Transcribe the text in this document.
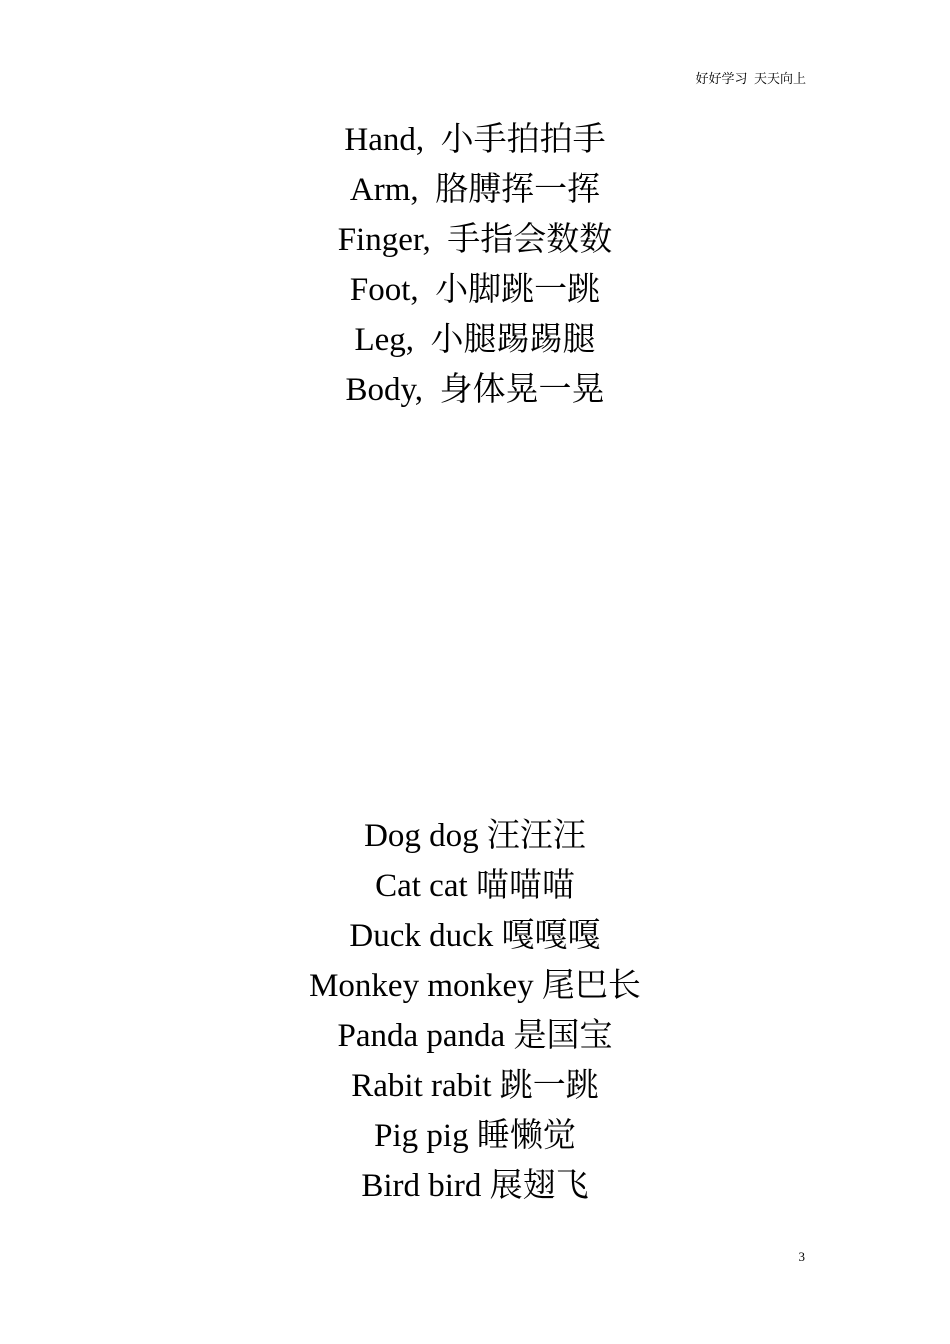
好好学习  天天向上
Hand,  小手拍拍手
Arm,  胳膊挥一挥
Finger,  手指会数数
Foot,  小脚跳一跳
Leg,  小腿踢踢腿
Body,  身体晃一晃
Dog dog 汪汪汪
Cat cat 喵喵喵
Duck duck 嘎嘎嘎
Monkey monkey 尾巴长
Panda panda 是国宝
Rabit rabit 跳一跳
Pig pig 睡懒觉
Bird bird 展翅飞
3
